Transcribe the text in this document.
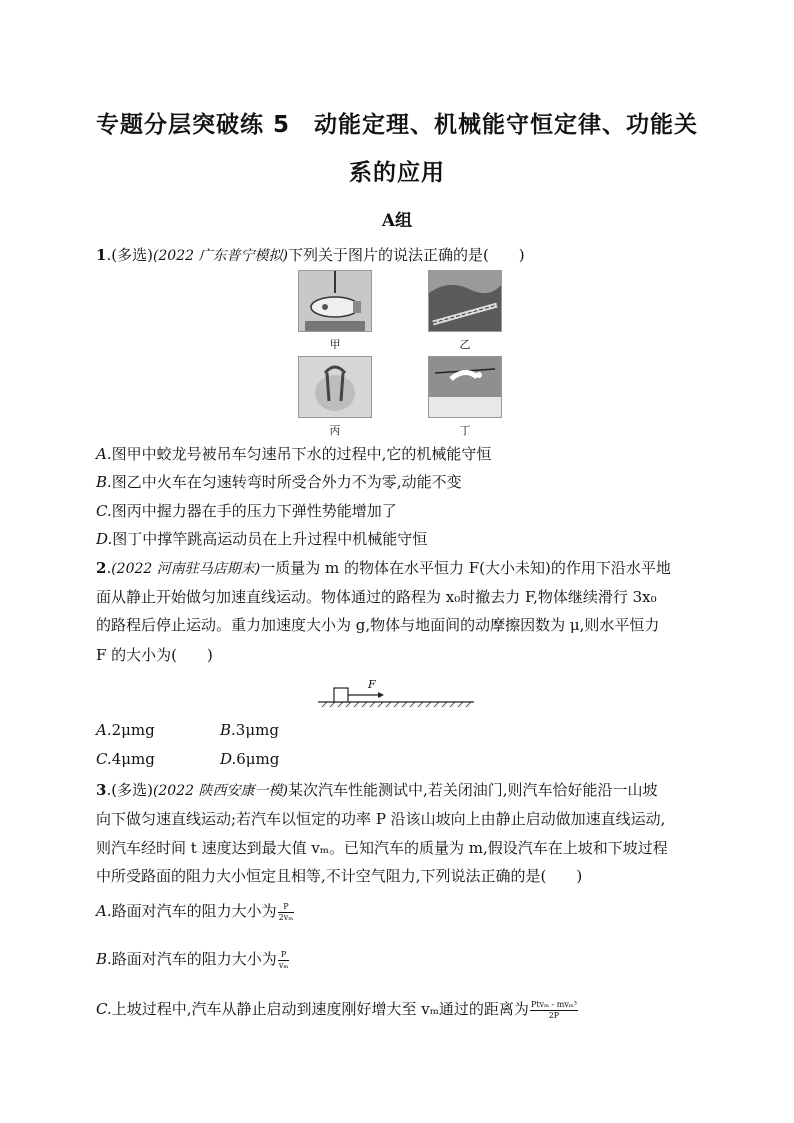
专题分层突破练 5　动能定理、机械能守恒定律、功能关
系的应用
A组
1.(多选)(2022 广东普宁模拟)下列关于图片的说法正确的是(　　)
甲	乙
丙	丁
A.图甲中蛟龙号被吊车匀速吊下水的过程中,它的机械能守恒
B.图乙中火车在匀速转弯时所受合外力不为零,动能不变
C.图丙中握力器在手的压力下弹性势能增加了
D.图丁中撑竿跳高运动员在上升过程中机械能守恒
2.(2022 河南驻马店期末)一质量为 m 的物体在水平恒力 F(大小未知)的作用下沿水平地
面从静止开始做匀加速直线运动。物体通过的路程为 x₀时撤去力 F,物体继续滑行 3x₀
的路程后停止运动。重力加速度大小为 g,物体与地面间的动摩擦因数为 μ,则水平恒力
F 的大小为(　　)
F
A.2μmg	B.3μmg
C.4μmg	D.6μmg
3.(多选)(2022 陕西安康一模)某次汽车性能测试中,若关闭油门,则汽车恰好能沿一山坡
向下做匀速直线运动;若汽车以恒定的功率 P 沿该山坡向上由静止启动做加速直线运动,
则汽车经时间 t 速度达到最大值 vₘ。已知汽车的质量为 m,假设汽车在上坡和下坡过程
中所受路面的阻力大小恒定且相等,不计空气阻力,下列说法正确的是(　　)
A.路面对汽车的阻力大小为 $\frac{P}{\text{2vₘ}}$
B.路面对汽车的阻力大小为 $\frac{P}{\text{vₘ}}$
C.上坡过程中,汽车从静止启动到速度刚好增大至 vₘ通过的距离为 $\frac{\text{Ptvₘ - mvₘ³}}{2P}$
